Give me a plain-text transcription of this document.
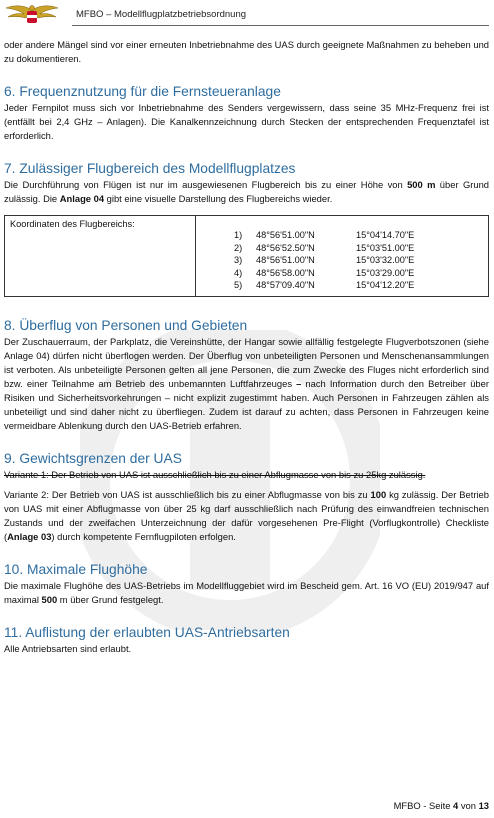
MFBO – Modellflugplatzbetriebsordnung

oder andere Mängel sind vor einer erneuten Inbetriebnahme des UAS durch geeignete Maßnahmen zu beheben und zu dokumentieren.

6. Frequenznutzung für die Fernsteueranlage

Jeder Fernpilot muss sich vor Inbetriebnahme des Senders vergewissern, dass seine 35 MHz-Frequenz frei ist (entfällt bei 2,4 GHz – Anlagen). Die Kanalkennzeichnung durch Stecken der entsprechenden Frequenztafel ist erforderlich.

7. Zulässiger Flugbereich des Modellflugplatzes

Die Durchführung von Flügen ist nur im ausgewiesenen Flugbereich bis zu einer Höhe von 500 m über Grund zulässig. Die Anlage 04 gibt eine visuelle Darstellung des Flugbereichs wieder.

Koordinaten des Flugbereichs:	
1)	48°56'51.00"N	15°04'14.70"E
2)	48°56'52.50"N	15°03'51.00"E
3)	48°56'51.00"N	15°03'32.00"E
4)	48°56'58.00"N	15°03'29.00"E
5)	48°57'09.40"N	15°04'12.20"E
8. Überflug von Personen und Gebieten

Der Zuschauerraum, der Parkplatz, die Vereinshütte, der Hangar sowie allfällig festgelegte Flugverbotszonen (siehe Anlage 04) dürfen nicht überflogen werden. Der Überflug von unbeteiligten Personen und Menschenansammlungen ist verboten. Als unbeteiligte Personen gelten all jene Personen, die zum Zwecke des Fluges nicht erforderlich sind bzw. einer Teilnahme am Betrieb des unbemannten Luftfahrzeuges – nach Information durch den Betreiber über Risiken und Sicherheitsvorkehrungen – nicht explizit zugestimmt haben. Auch Personen in Fahrzeugen zählen als unbeteiligt und sind daher nicht zu überfliegen. Zudem ist darauf zu achten, dass Personen in Fahrzeugen keine vermeidbare Ablenkung durch den UAS-Betrieb erfahren.

9. Gewichtsgrenzen der UAS

Variante 1: Der Betrieb von UAS ist ausschließlich bis zu einer Abflugmasse von bis zu 25kg zulässig.

Variante 2: Der Betrieb von UAS ist ausschließlich bis zu einer Abflugmasse von bis zu 100 kg zulässig. Der Betrieb von UAS mit einer Abflugmasse von über 25 kg darf ausschließlich nach Prüfung des einwandfreien technischen Zustands und der zweifachen Unterzeichnung der dafür vorgesehenen Pre-Flight (Vorflugkontrolle) Checkliste (Anlage 03) durch kompetente Fernflugpiloten erfolgen.

10. Maximale Flughöhe

Die maximale Flughöhe des UAS-Betriebs im Modellfluggebiet wird im Bescheid gem. Art. 16 VO (EU) 2019/947 auf maximal 500 m über Grund festgelegt.

11. Auflistung der erlaubten UAS-Antriebsarten

Alle Antriebsarten sind erlaubt.

MFBO - Seite 4 von 13
